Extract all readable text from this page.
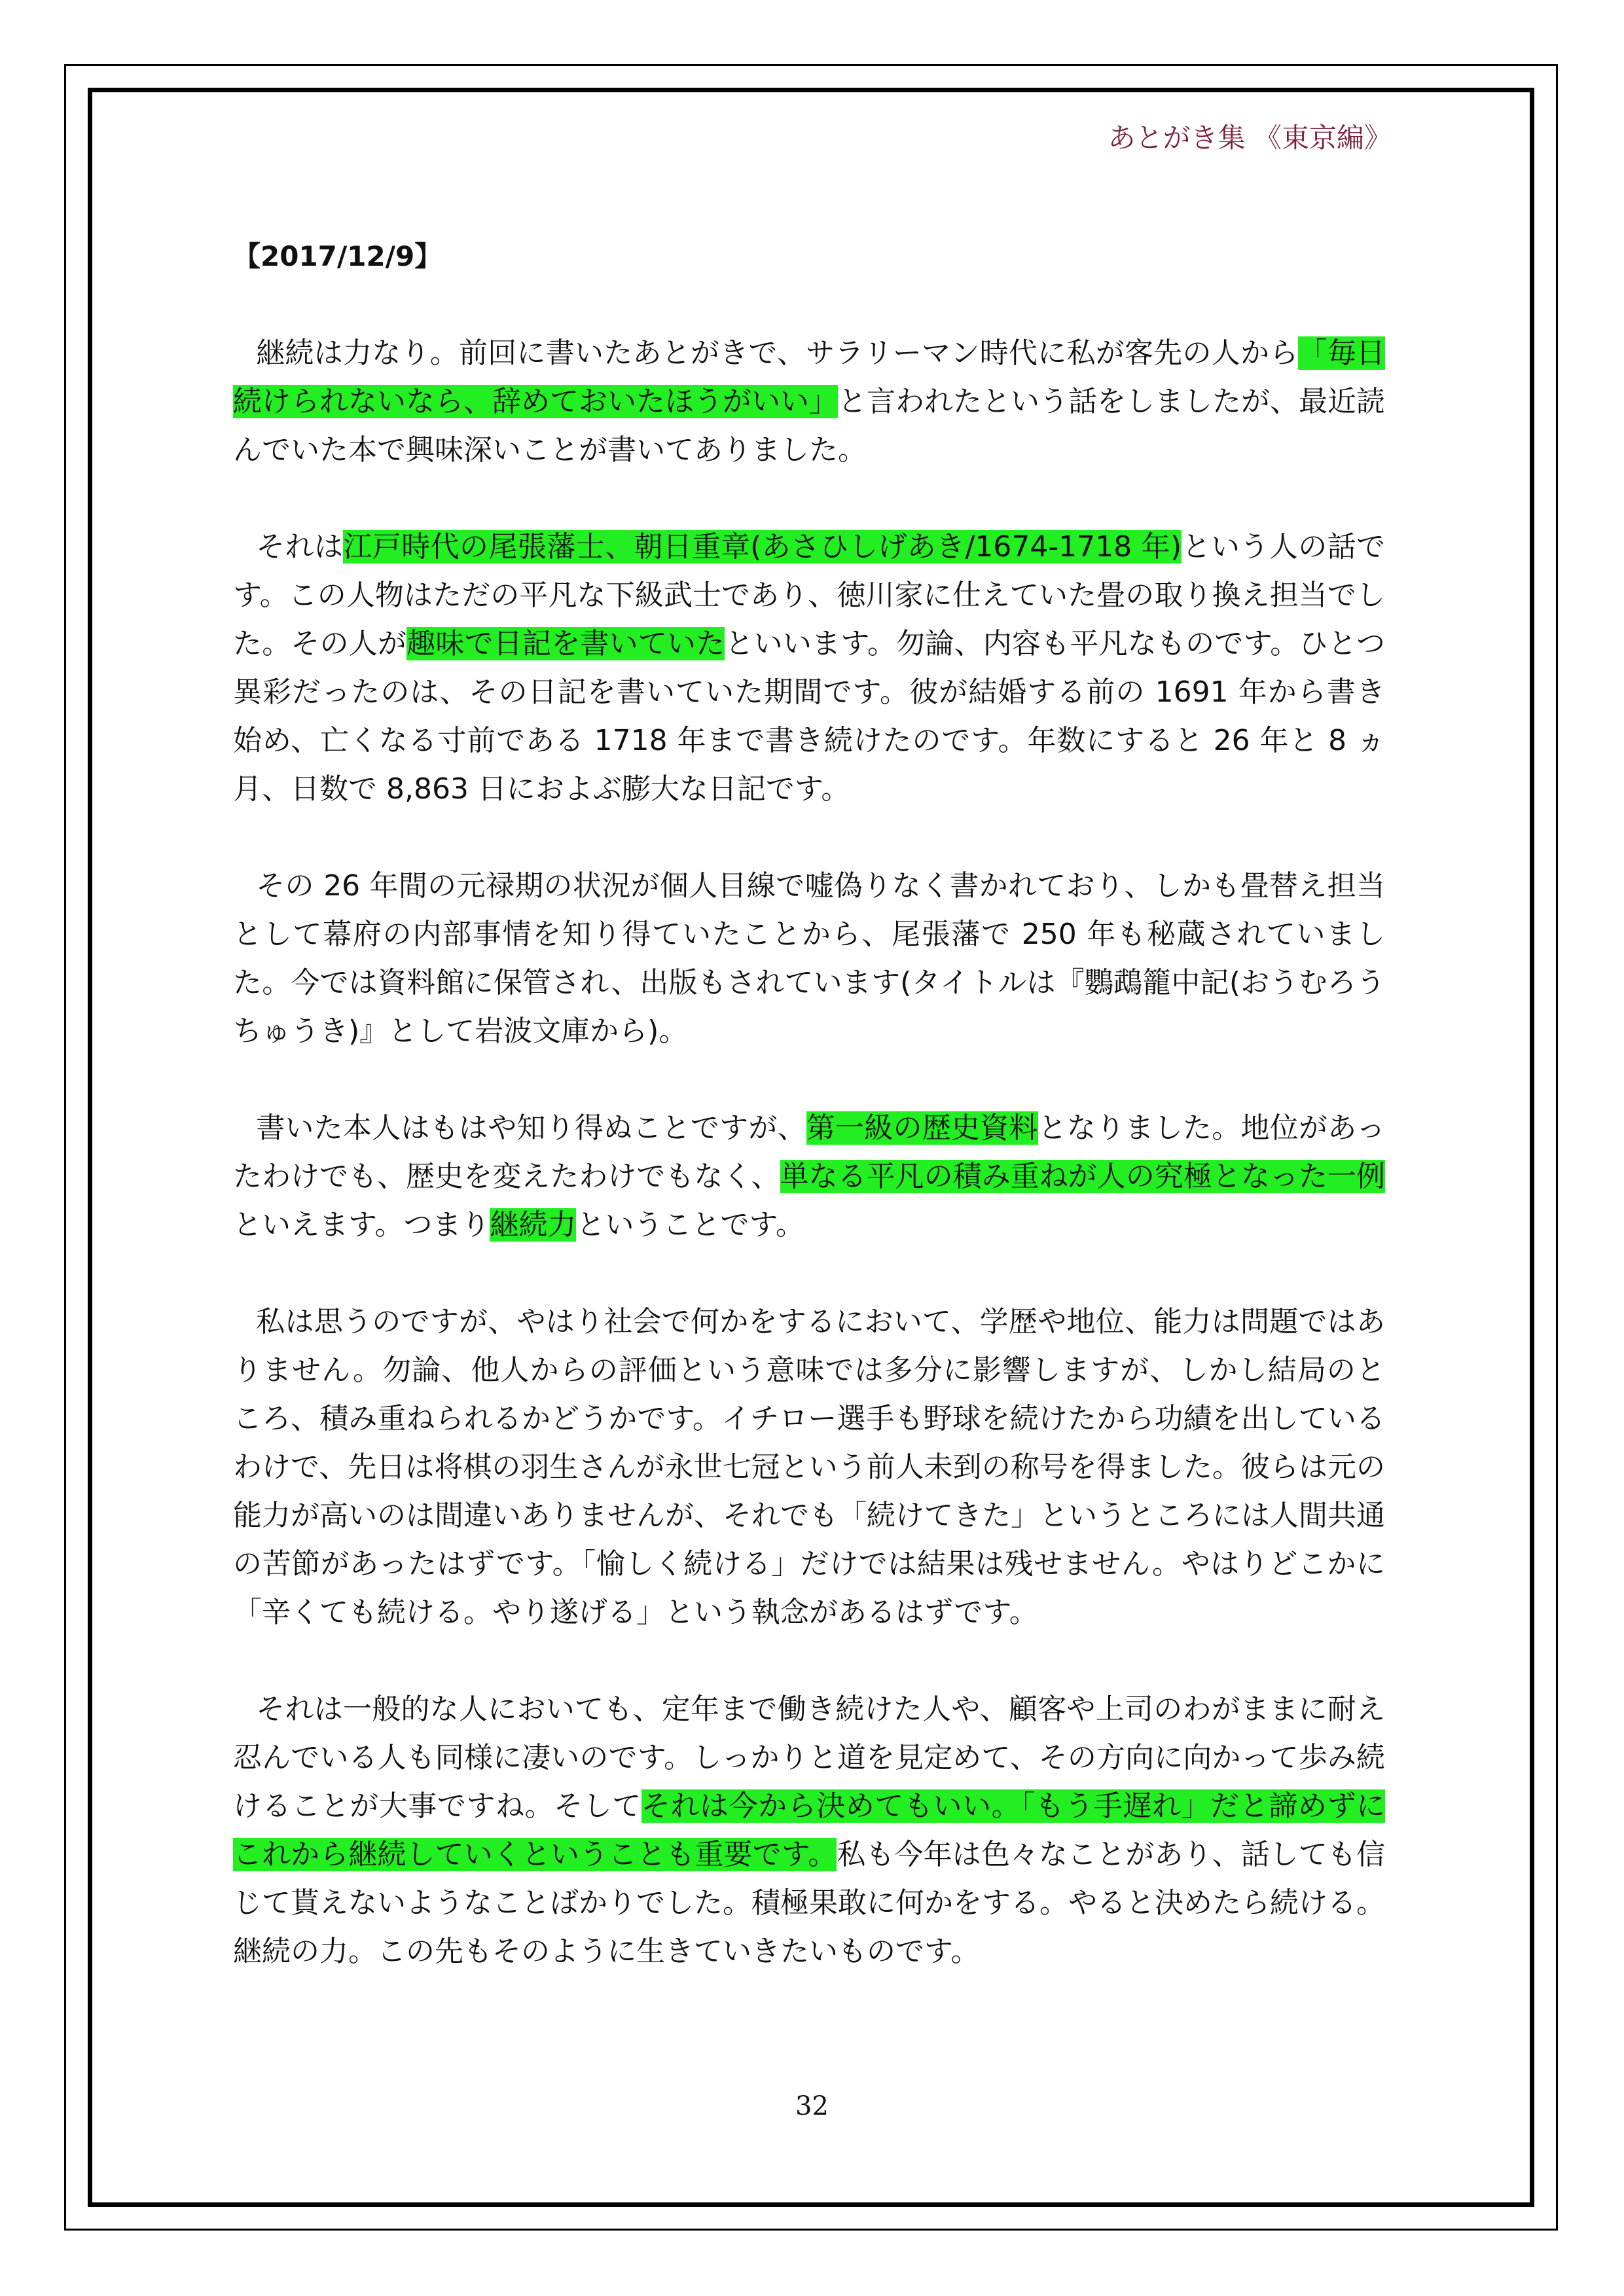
あとがき集 《東京編》

【2017/12/9】

継続は力なり。前回に書いたあとがきで、サラリーマン時代に私が客先の人から「毎日続けられないなら、辞めておいたほうがいい」と言われたという話をしましたが、最近読んでいた本で興味深いことが書いてありました。

それは江戸時代の尾張藩士、朝日重章(あさひしげあき/1674-1718 年)という人の話です。この人物はただの平凡な下級武士であり、徳川家に仕えていた畳の取り換え担当でした。その人が趣味で日記を書いていたといいます。勿論、内容も平凡なものです。ひとつ異彩だったのは、その日記を書いていた期間です。彼が結婚する前の 1691 年から書き始め、亡くなる寸前である 1718 年まで書き続けたのです。年数にすると 26 年と 8 ヵ月、日数で 8,863 日におよぶ膨大な日記です。

その 26 年間の元禄期の状況が個人目線で嘘偽りなく書かれており、しかも畳替え担当として幕府の内部事情を知り得ていたことから、尾張藩で 250 年も秘蔵されていました。今では資料館に保管され、出版もされています(タイトルは『鸚鵡籠中記(おうむろうちゅうき)』として岩波文庫から)。

書いた本人はもはや知り得ぬことですが、第一級の歴史資料となりました。地位があったわけでも、歴史を変えたわけでもなく、単なる平凡の積み重ねが人の究極となった一例といえます。つまり継続力ということです。

私は思うのですが、やはり社会で何かをするにおいて、学歴や地位、能力は問題ではありません。勿論、他人からの評価という意味では多分に影響しますが、しかし結局のところ、積み重ねられるかどうかです。イチロー選手も野球を続けたから功績を出しているわけで、先日は将棋の羽生さんが永世七冠という前人未到の称号を得ました。彼らは元の能力が高いのは間違いありませんが、それでも「続けてきた」というところには人間共通の苦節があったはずです。「愉しく続ける」だけでは結果は残せません。やはりどこかに「辛くても続ける。やり遂げる」という執念があるはずです。

それは一般的な人においても、定年まで働き続けた人や、顧客や上司のわがままに耐え忍んでいる人も同様に凄いのです。しっかりと道を見定めて、その方向に向かって歩み続けることが大事ですね。そしてそれは今から決めてもいい。「もう手遅れ」だと諦めずにこれから継続していくということも重要です。私も今年は色々なことがあり、話しても信じて貰えないようなことばかりでした。積極果敢に何かをする。やると決めたら続ける。継続の力。この先もそのように生きていきたいものです。

32
